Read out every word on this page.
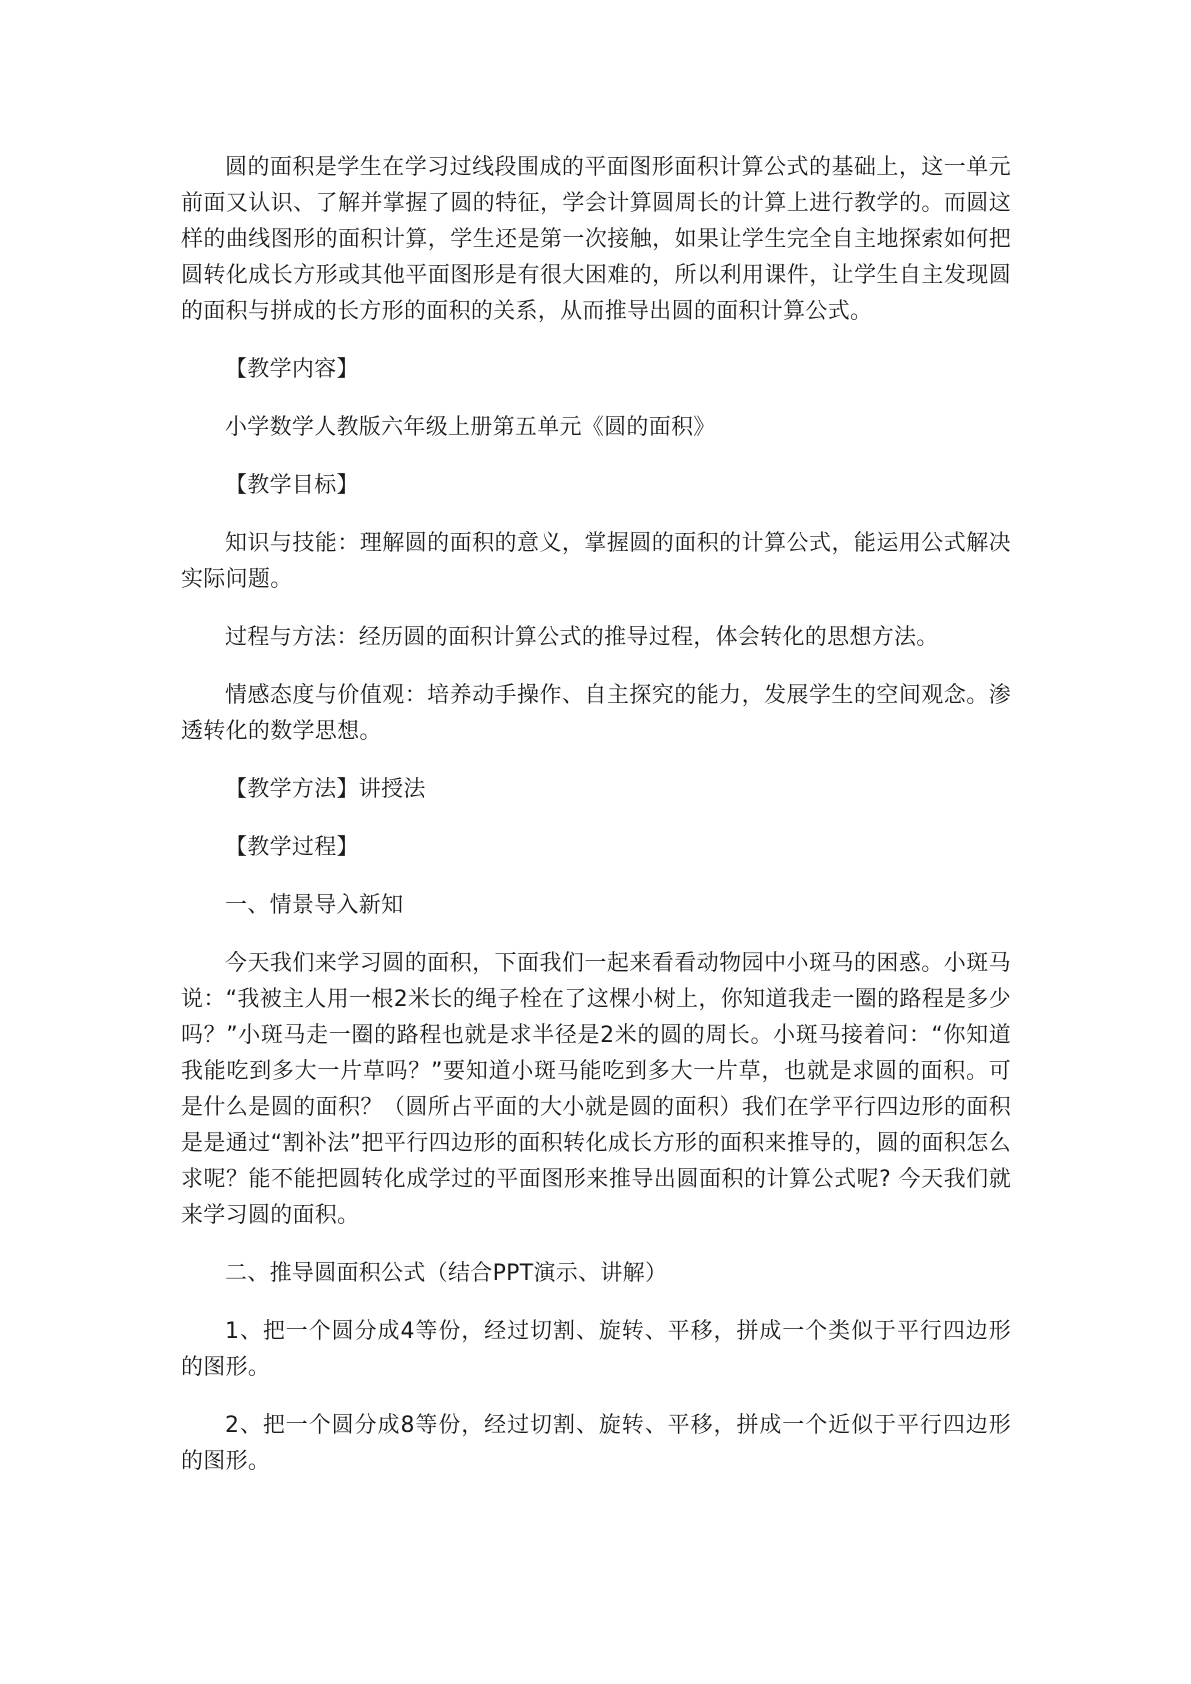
圆的面积是学生在学习过线段围成的平面图形面积计算公式的基础上，这一单元前面又认识、了解并掌握了圆的特征，学会计算圆周长的计算上进行教学的。而圆这样的曲线图形的面积计算，学生还是第一次接触，如果让学生完全自主地探索如何把圆转化成长方形或其他平面图形是有很大困难的，所以利用课件，让学生自主发现圆的面积与拼成的长方形的面积的关系，从而推导出圆的面积计算公式。

【教学内容】

小学数学人教版六年级上册第五单元《圆的面积》

【教学目标】

知识与技能：理解圆的面积的意义，掌握圆的面积的计算公式，能运用公式解决实际问题。

过程与方法：经历圆的面积计算公式的推导过程，体会转化的思想方法。

情感态度与价值观：培养动手操作、自主探究的能力，发展学生的空间观念。渗透转化的数学思想。

【教学方法】讲授法

【教学过程】

一、情景导入新知

今天我们来学习圆的面积，下面我们一起来看看动物园中小斑马的困惑。小斑马说：“我被主人用一根2米长的绳子栓在了这棵小树上，你知道我走一圈的路程是多少吗？”小斑马走一圈的路程也就是求半径是2米的圆的周长。小斑马接着问：“你知道我能吃到多大一片草吗？”要知道小斑马能吃到多大一片草，也就是求圆的面积。可是什么是圆的面积？（圆所占平面的大小就是圆的面积）我们在学平行四边形的面积是是通过“割补法”把平行四边形的面积转化成长方形的面积来推导的，圆的面积怎么求呢？能不能把圆转化成学过的平面图形来推导出圆面积的计算公式呢? 今天我们就来学习圆的面积。

二、推导圆面积公式（结合PPT演示、讲解）

1、把一个圆分成4等份，经过切割、旋转、平移，拼成一个类似于平行四边形的图形。

2、把一个圆分成8等份，经过切割、旋转、平移，拼成一个近似于平行四边形的图形。
